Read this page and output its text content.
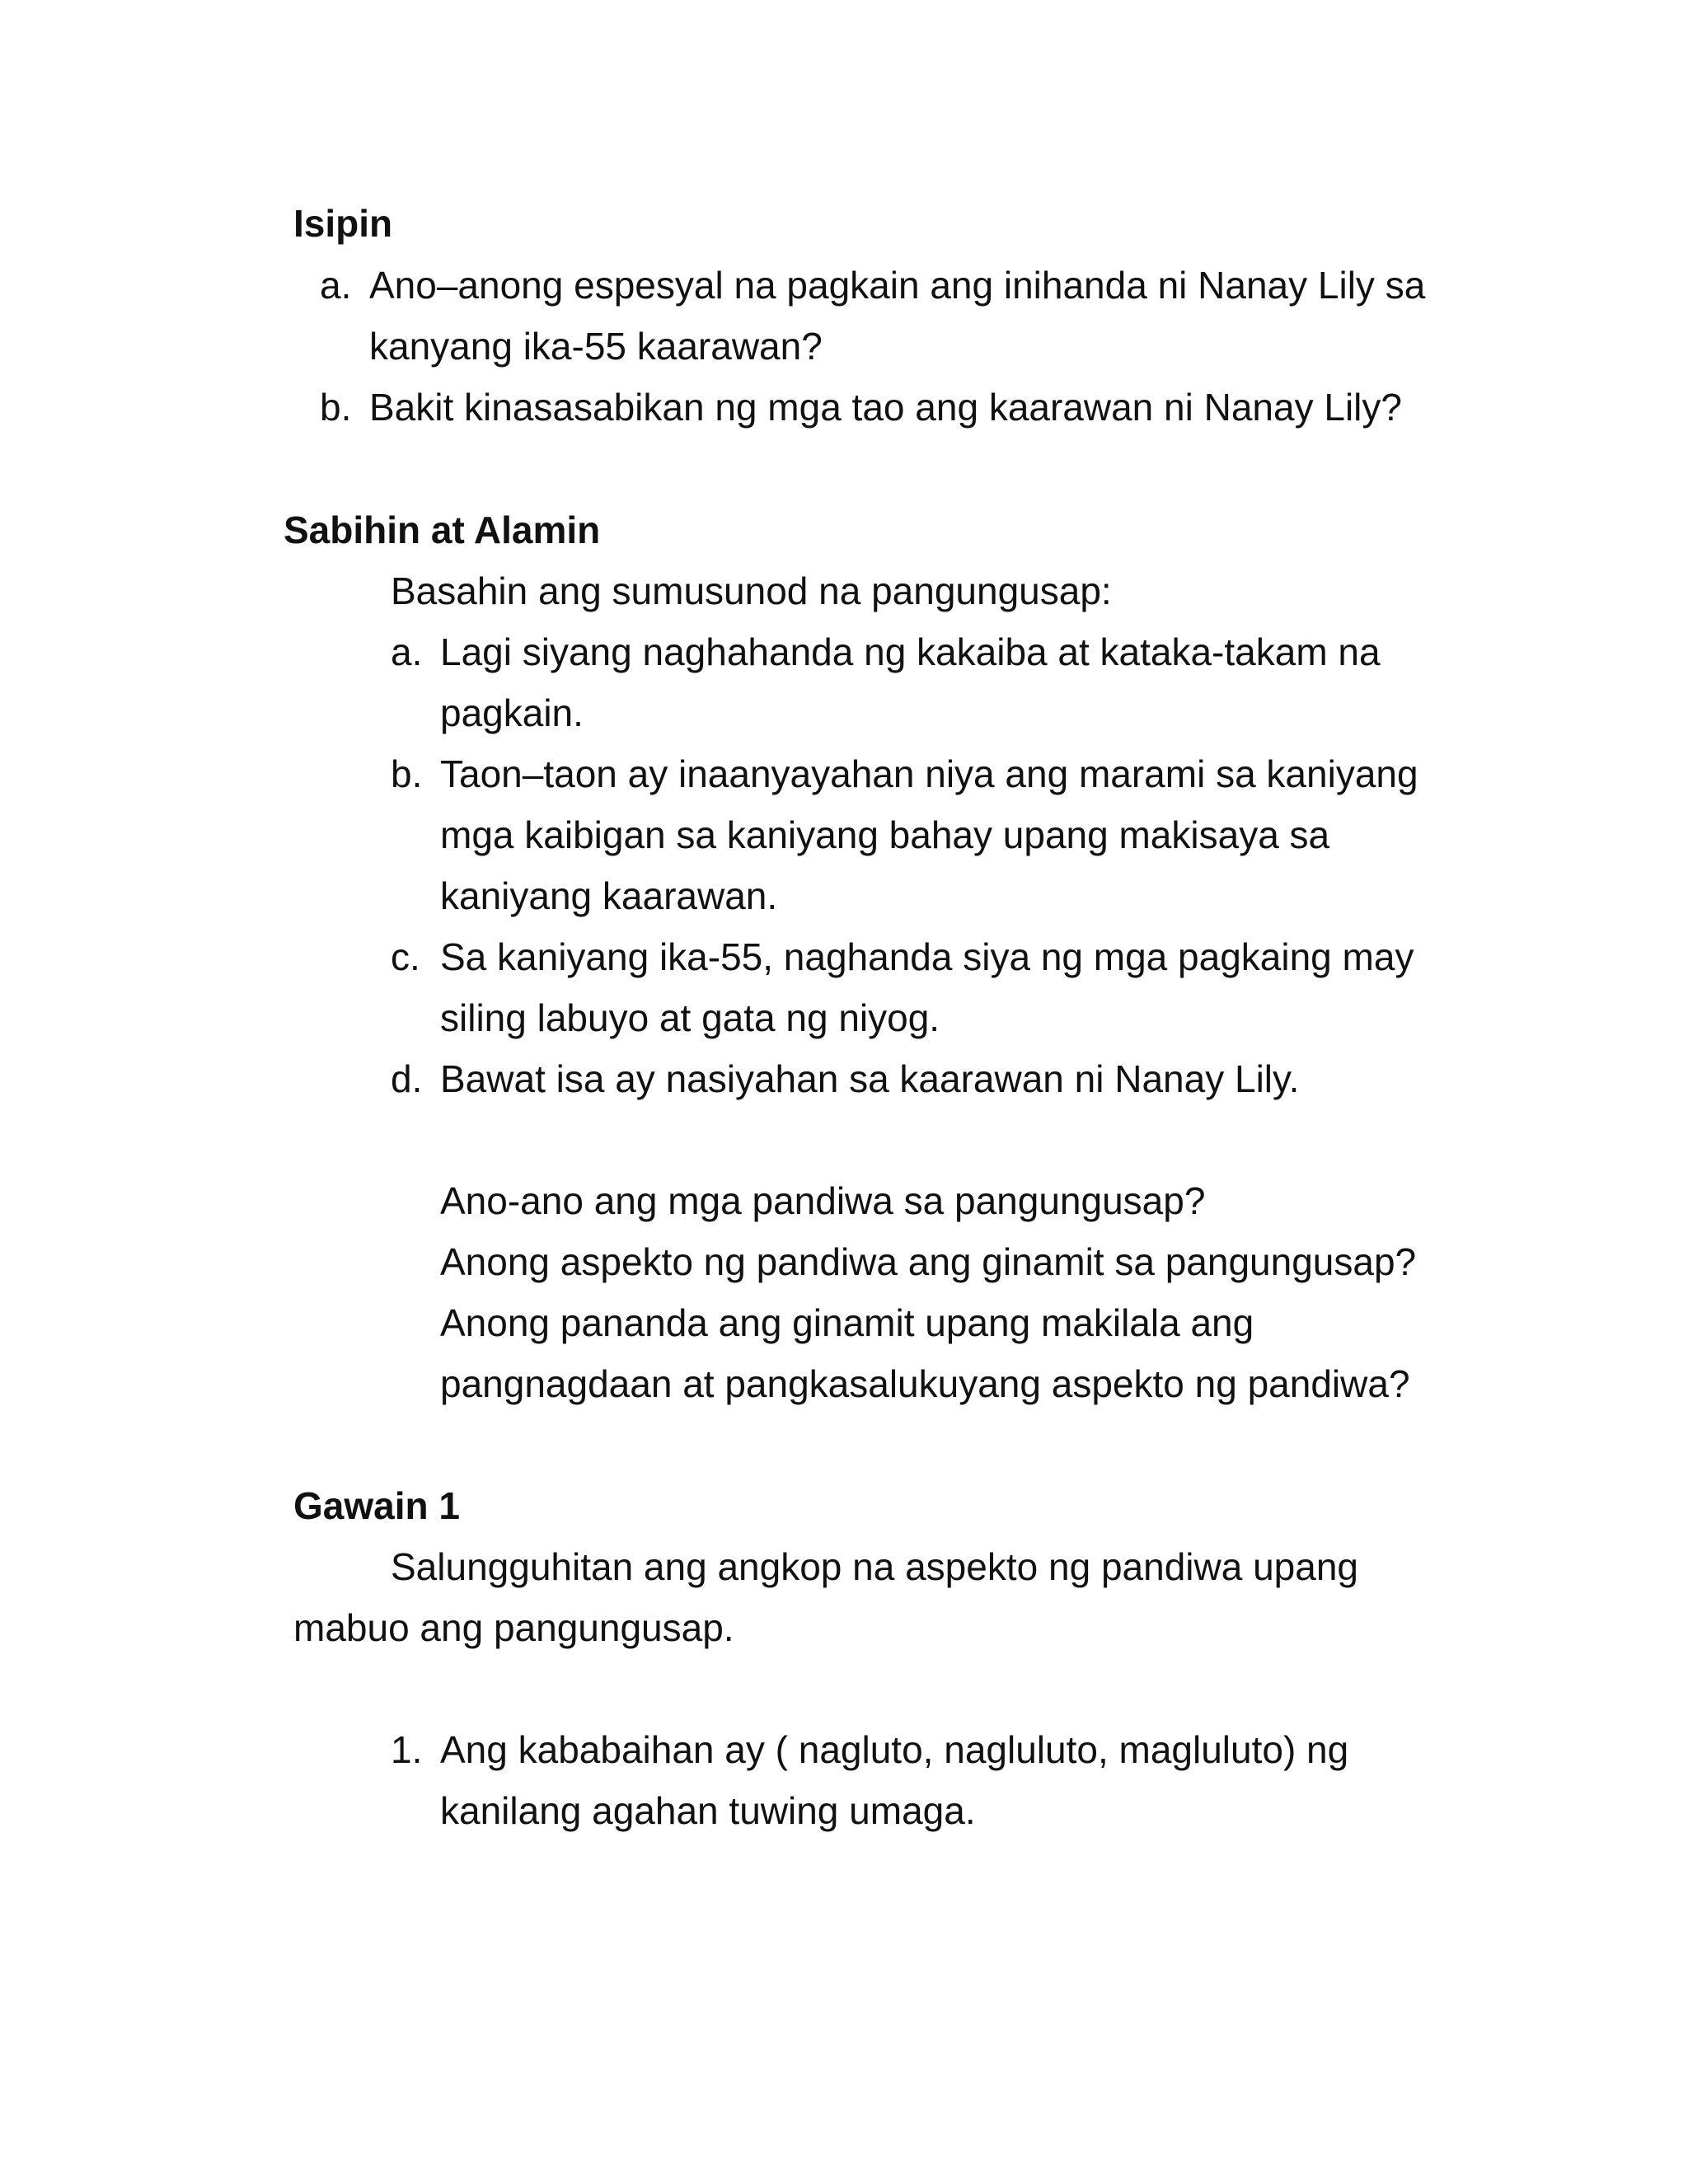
Isipin
a. Ano–anong espesyal na pagkain ang inihanda ni Nanay Lily sa
kanyang ika-55 kaarawan?
b. Bakit kinasasabikan ng mga tao ang kaarawan ni Nanay Lily?
Sabihin at Alamin
Basahin ang sumusunod na pangungusap:
a. Lagi siyang naghahanda ng kakaiba at kataka-takam na
pagkain.
b. Taon–taon ay inaanyayahan niya ang marami sa kaniyang
mga kaibigan sa kaniyang bahay upang makisaya sa
kaniyang kaarawan.
c. Sa kaniyang ika-55, naghanda siya ng mga pagkaing may
siling labuyo at gata ng niyog.
d. Bawat isa ay nasiyahan sa kaarawan ni Nanay Lily.
Ano-ano ang mga pandiwa sa pangungusap?
Anong aspekto ng pandiwa ang ginamit sa pangungusap?
Anong pananda ang ginamit upang makilala ang
pangnagdaan at pangkasalukuyang aspekto ng pandiwa?
Gawain 1
Salungguhitan ang angkop na aspekto ng pandiwa upang
mabuo ang pangungusap.
1. Ang kababaihan ay ( nagluto, nagluluto, magluluto) ng
kanilang agahan tuwing umaga.
